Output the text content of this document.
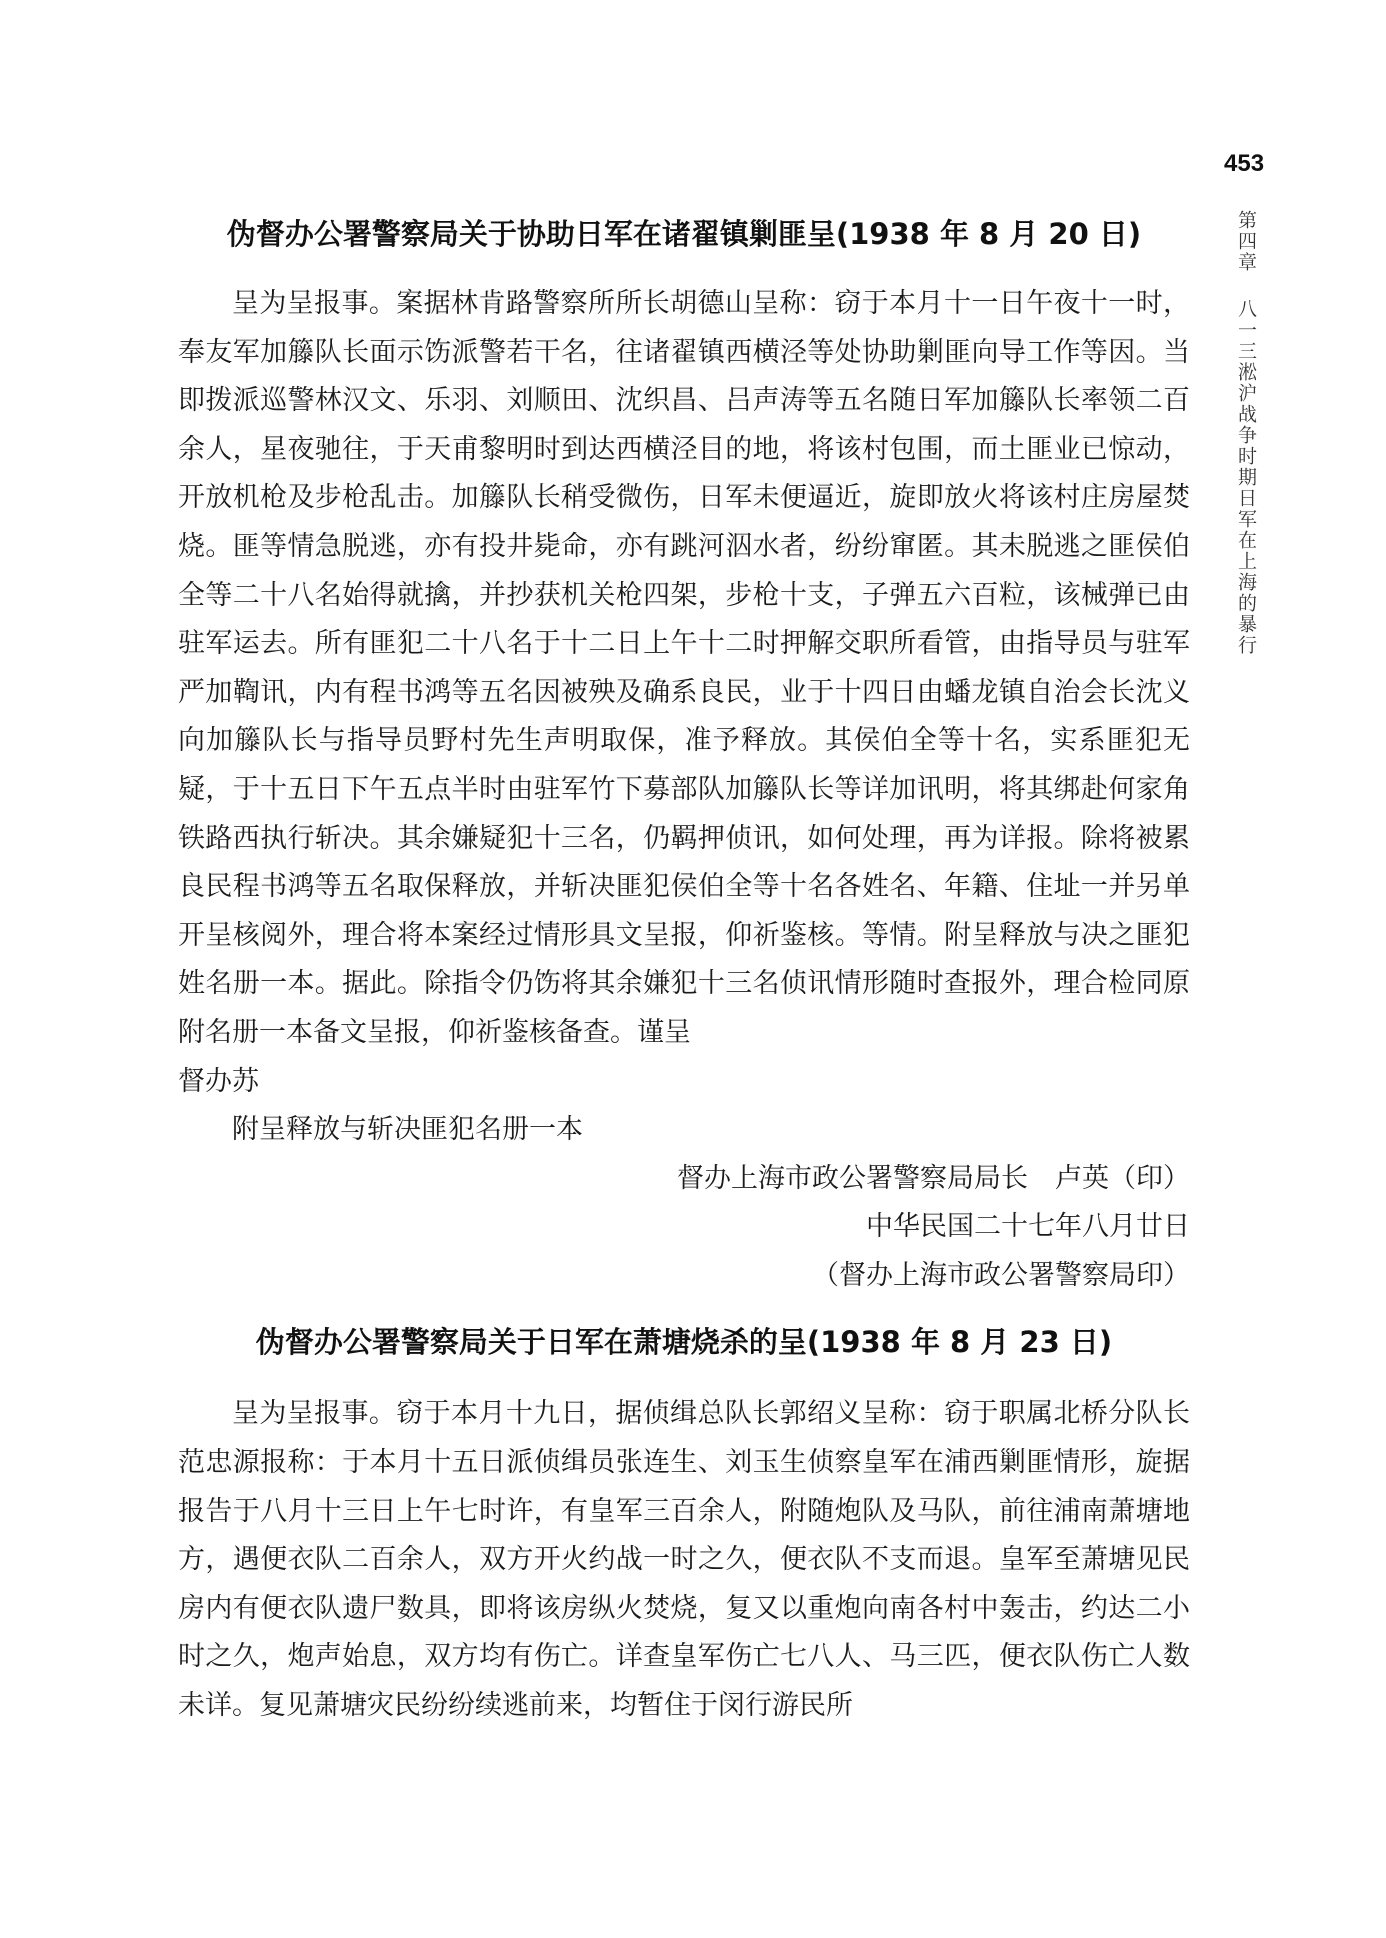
453
第四章八一三淞沪战争时期日军在上海的暴行
伪督办公署警察局关于协助日军在诸翟镇剿匪呈(1938 年 8 月 20 日)

呈为呈报事。案据林肯路警察所所长胡德山呈称：窃于本月十一日午夜十一时，奉友军加籐队长面示饬派警若干名，往诸翟镇西横泾等处协助剿匪向导工作等因。当即拨派巡警林汉文、乐羽、刘顺田、沈织昌、吕声涛等五名随日军加籐队长率领二百余人，星夜驰往，于天甫黎明时到达西横泾目的地，将该村包围，而土匪业已惊动，开放机枪及步枪乱击。加籐队长稍受微伤，日军未便逼近，旋即放火将该村庄房屋焚烧。匪等情急脱逃，亦有投井毙命，亦有跳河泅水者，纷纷窜匿。其未脱逃之匪侯伯全等二十八名始得就擒，并抄获机关枪四架，步枪十支，子弹五六百粒，该械弹已由驻军运去。所有匪犯二十八名于十二日上午十二时押解交职所看管，由指导员与驻军严加鞫讯，内有程书鸿等五名因被殃及确系良民，业于十四日由蟠龙镇自治会长沈义向加籐队长与指导员野村先生声明取保，准予释放。其侯伯全等十名，实系匪犯无疑，于十五日下午五点半时由驻军竹下募部队加籐队长等详加讯明，将其绑赴何家角铁路西执行斩决。其余嫌疑犯十三名，仍羁押侦讯，如何处理，再为详报。除将被累良民程书鸿等五名取保释放，并斩决匪犯侯伯全等十名各姓名、年籍、住址一并另单开呈核阅外，理合将本案经过情形具文呈报，仰祈鉴核。等情。附呈释放与决之匪犯姓名册一本。据此。除指令仍饬将其余嫌犯十三名侦讯情形随时查报外，理合检同原附名册一本备文呈报，仰祈鉴核备查。谨呈

督办苏

附呈释放与斩决匪犯名册一本

督办上海市政公署警察局局长　卢英（印）

中华民国二十七年八月廿日

（督办上海市政公署警察局印）

伪督办公署警察局关于日军在萧塘烧杀的呈(1938 年 8 月 23 日)

呈为呈报事。窃于本月十九日，据侦缉总队长郭绍义呈称：窃于职属北桥分队长范忠源报称：于本月十五日派侦缉员张连生、刘玉生侦察皇军在浦西剿匪情形，旋据报告于八月十三日上午七时许，有皇军三百余人，附随炮队及马队，前往浦南萧塘地方，遇便衣队二百余人，双方开火约战一时之久，便衣队不支而退。皇军至萧塘见民房内有便衣队遗尸数具，即将该房纵火焚烧，复又以重炮向南各村中轰击，约达二小时之久，炮声始息，双方均有伤亡。详查皇军伤亡七八人、马三匹，便衣队伤亡人数未详。复见萧塘灾民纷纷续逃前来，均暂住于闵行游民所
